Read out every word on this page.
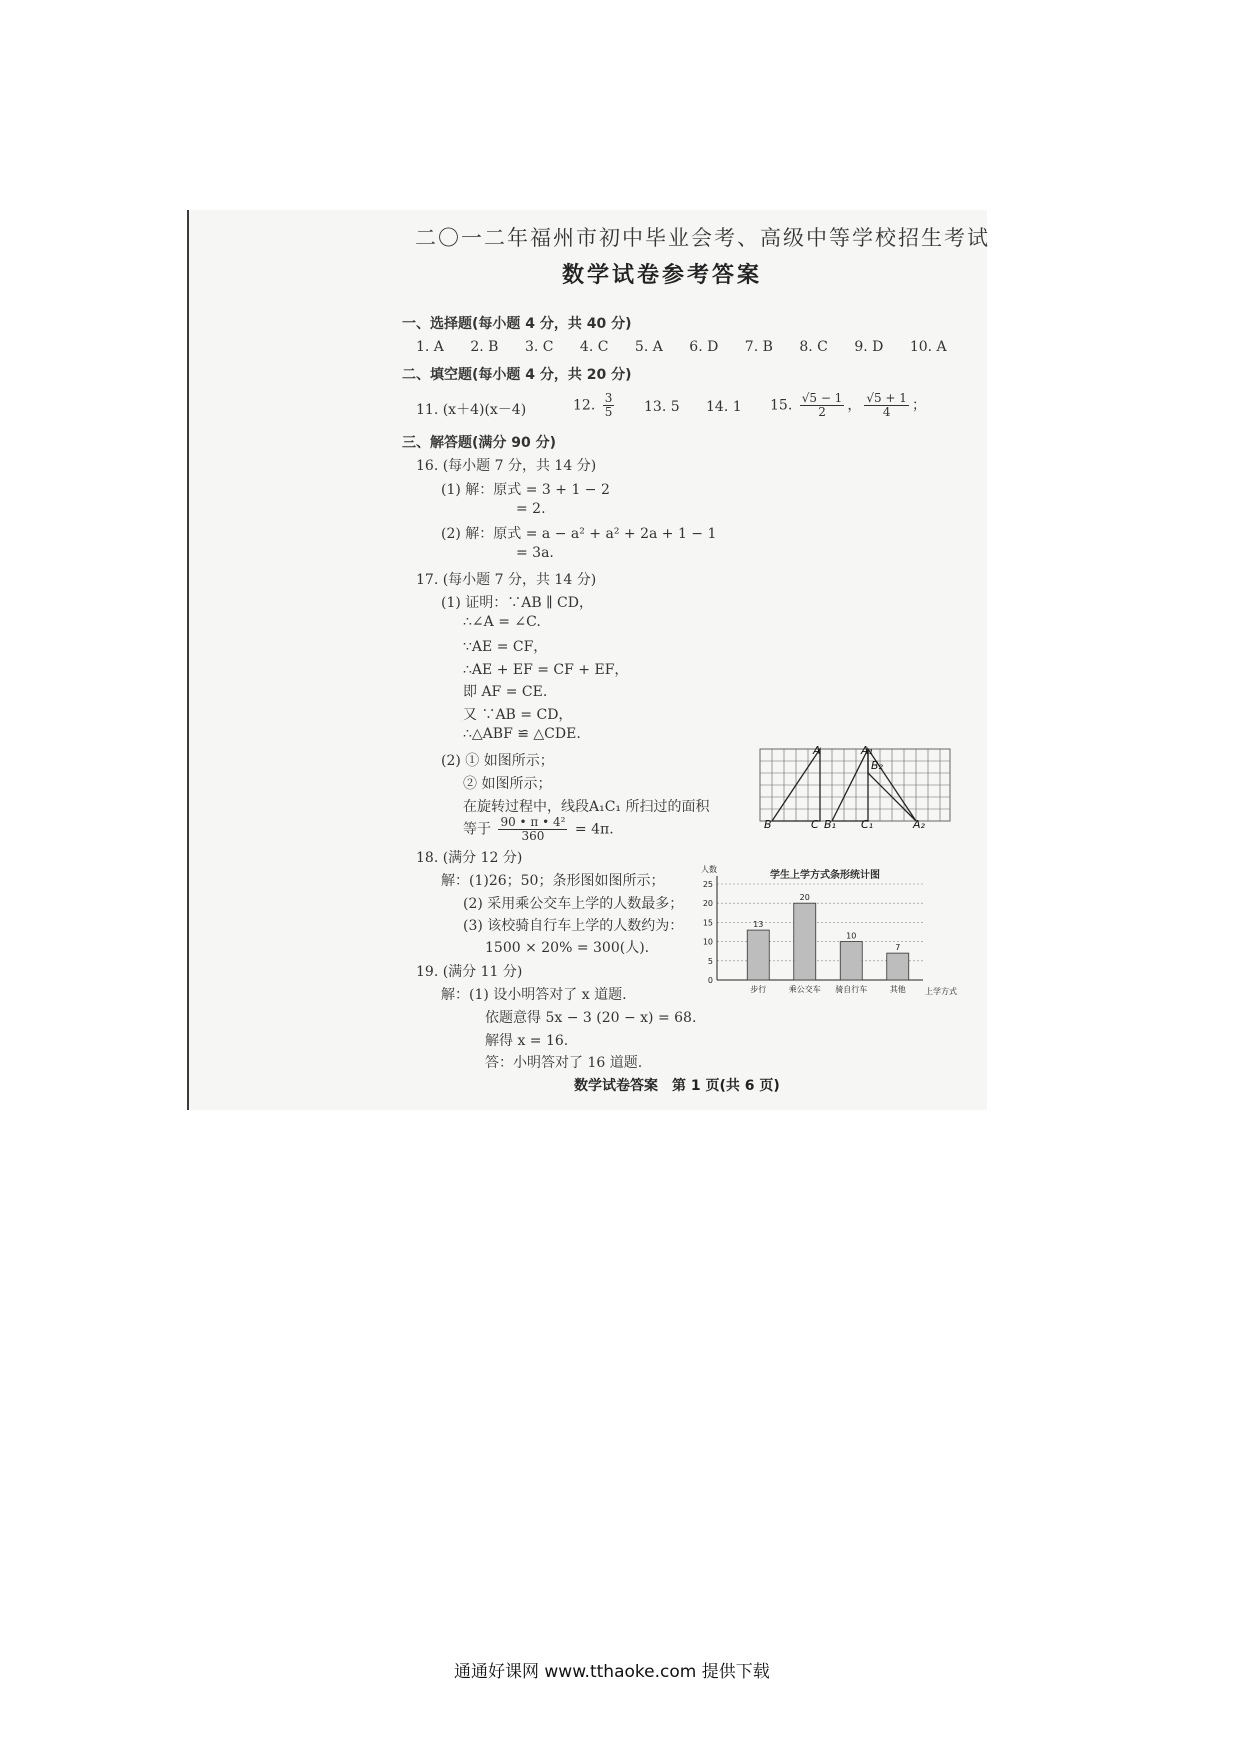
二〇一二年福州市初中毕业会考、高级中等学校招生考试
数学试卷参考答案
一、选择题(每小题 4 分，共 40 分)
1. A 2. B 3. C 4. C 5. A 6. D 7. B 8. C 9. D 10. A
二、填空题(每小题 4 分，共 20 分)
11. (x＋4)(x－4)	12. $\frac{3}{5} 13$. 5 14. 1 15. $\frac{√5 - 1}{2}$ ， $\frac{√5 + 1}{4}$ ；
三、解答题(满分 90 分)
16. (每小题 7 分，共 14 分)
(1) 解：原式 = 3 + 1 − 2
= 2.
(2) 解：原式 = a − a² + a² + 2a + 1 − 1
= 3a.
17. (每小题 7 分，共 14 分)
(1) 证明：∵AB ∥ CD，
∴∠A = ∠C.
∵AE = CF，
∴AE + EF = CF + EF，
即 AF = CE.
又 ∵AB = CD，
∴△ABF ≌ △CDE.
(2) ① 如图所示；
② 如图所示；
在旋转过程中，线段A₁C₁ 所扫过的面积
等于 $\frac{\text{90 • π • 4²}}{360} = 4\pi$.
18. (满分 12 分)
解：(1)26；50；条形图如图所示；
(2) 采用乘公交车上学的人数最多；
(3) 该校骑自行车上学的人数约为：
1500 × 20% = 300(人).
19. (满分 11 分)
解：(1) 设小明答对了 x 道题.
依题意得 5x − 3 (20 − x) = 68.
解得 x = 16.
答：小明答对了 16 道题.
A
B	C
A₁
B₁ C₁	A₂
B₂
学生上学方式条形统计图
人数
0
5
10
15
20
25
13
步行
20
乘公交车
10
骑自行车
7
其他 上学方式
数学试卷答案　第 1 页(共 6 页)
通通好课网 www.tthaoke.com 提供下载
